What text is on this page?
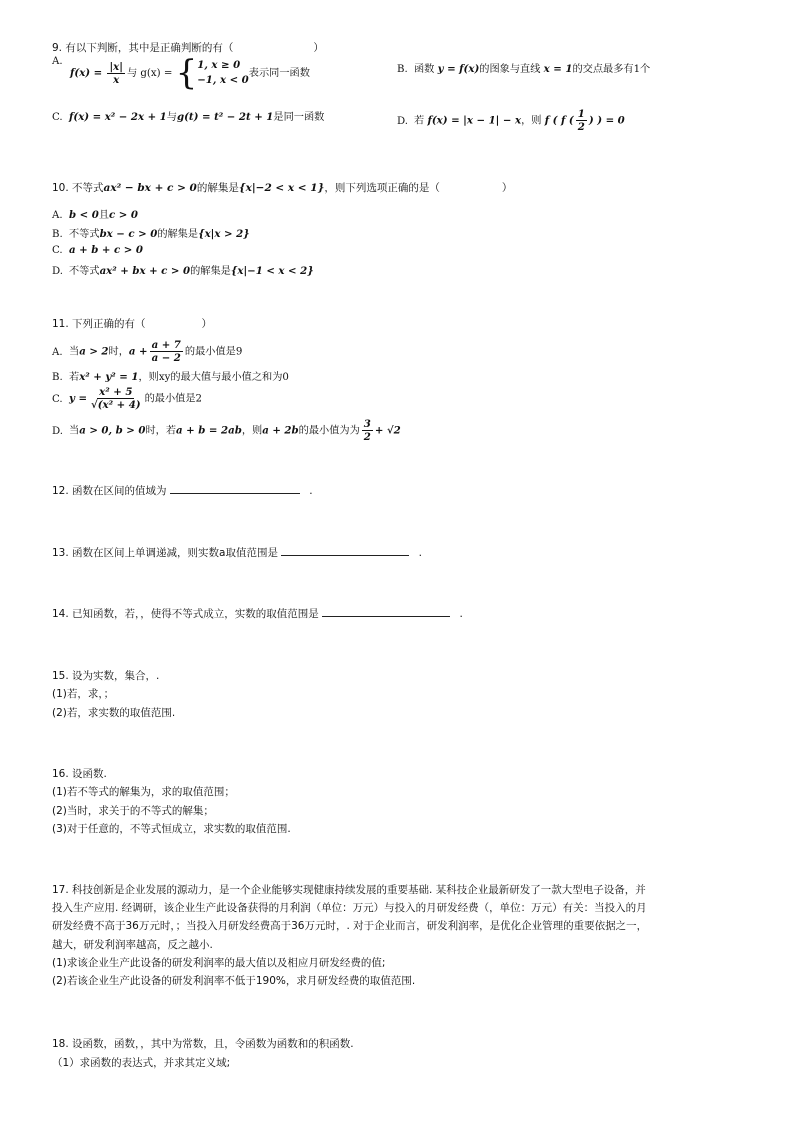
9. 有以下判断，其中是正确判断的有（	）
A.
$f(x) = \frac{|x|}{x}$ 与 g(x) = { 1, x ≥ 0
−1, x < 0
表示同一函数	B. 函数 y = f(x)的图象与直线 x = 1的交点最多有1个
C. f(x) = x² − 2x + 1与g(t) = t² − 2t + 1是同一函数	D. 若 f(x) = |x − 1| − x，则 f ( f ( $\frac{1}{2}$ ) ) = 0
10. 不等式ax² − bx + c > 0的解集是{x|−2 < x < 1}，则下列选项正确的是（	）
A. b < 0且c > 0
B. 不等式bx − c > 0的解集是{x|x > 2}
C. a + b + c > 0
D. 不等式ax² + bx + c > 0的解集是{x|−1 < x < 2}
11. 下列正确的有（	）
A. 当a > 2时，$a + \frac{a + 7}{a - 2}$ 的最小值是9
B. 若x² + y² = 1，则xy的最大值与最小值之和为0
C. $y = \frac{\text{x² + 5}}{\text{√(x² + 4)}}$ 的最小值是2
D. 当a > 0, b > 0时，若a + b = 2ab，则a + 2b的最小值为为 $\frac{3}{2} + √2$
12. 函数在区间的值域为	.
13. 函数在区间上单调递减，则实数a取值范围是	.
14. 已知函数，若，，使得不等式成立，实数的取值范围是	.
15. 设为实数，集合，.
(1)若，求，；
(2)若，求实数的取值范围.
16. 设函数.
(1)若不等式的解集为，求的取值范围；
(2)当时，求关于的不等式的解集；
(3)对于任意的，不等式恒成立，求实数的取值范围.
17. 科技创新是企业发展的源动力，是一个企业能够实现健康持续发展的重要基础. 某科技企业最新研发了一款大型电子设备，并
投入生产应用. 经调研，该企业生产此设备获得的月利润（单位：万元）与投入的月研发经费（，单位：万元）有关：当投入的月
研发经费不高于36万元时，；当投入月研发经费高于36万元时，. 对于企业而言，研发利润率，是优化企业管理的重要依据之一，
越大，研发利润率越高，反之越小.
(1)求该企业生产此设备的研发利润率的最大值以及相应月研发经费的值;
(2)若该企业生产此设备的研发利润率不低于190%，求月研发经费的取值范围.
18. 设函数，函数，，其中为常数，且，令函数为函数和的积函数.
（1）求函数的表达式，并求其定义域;
